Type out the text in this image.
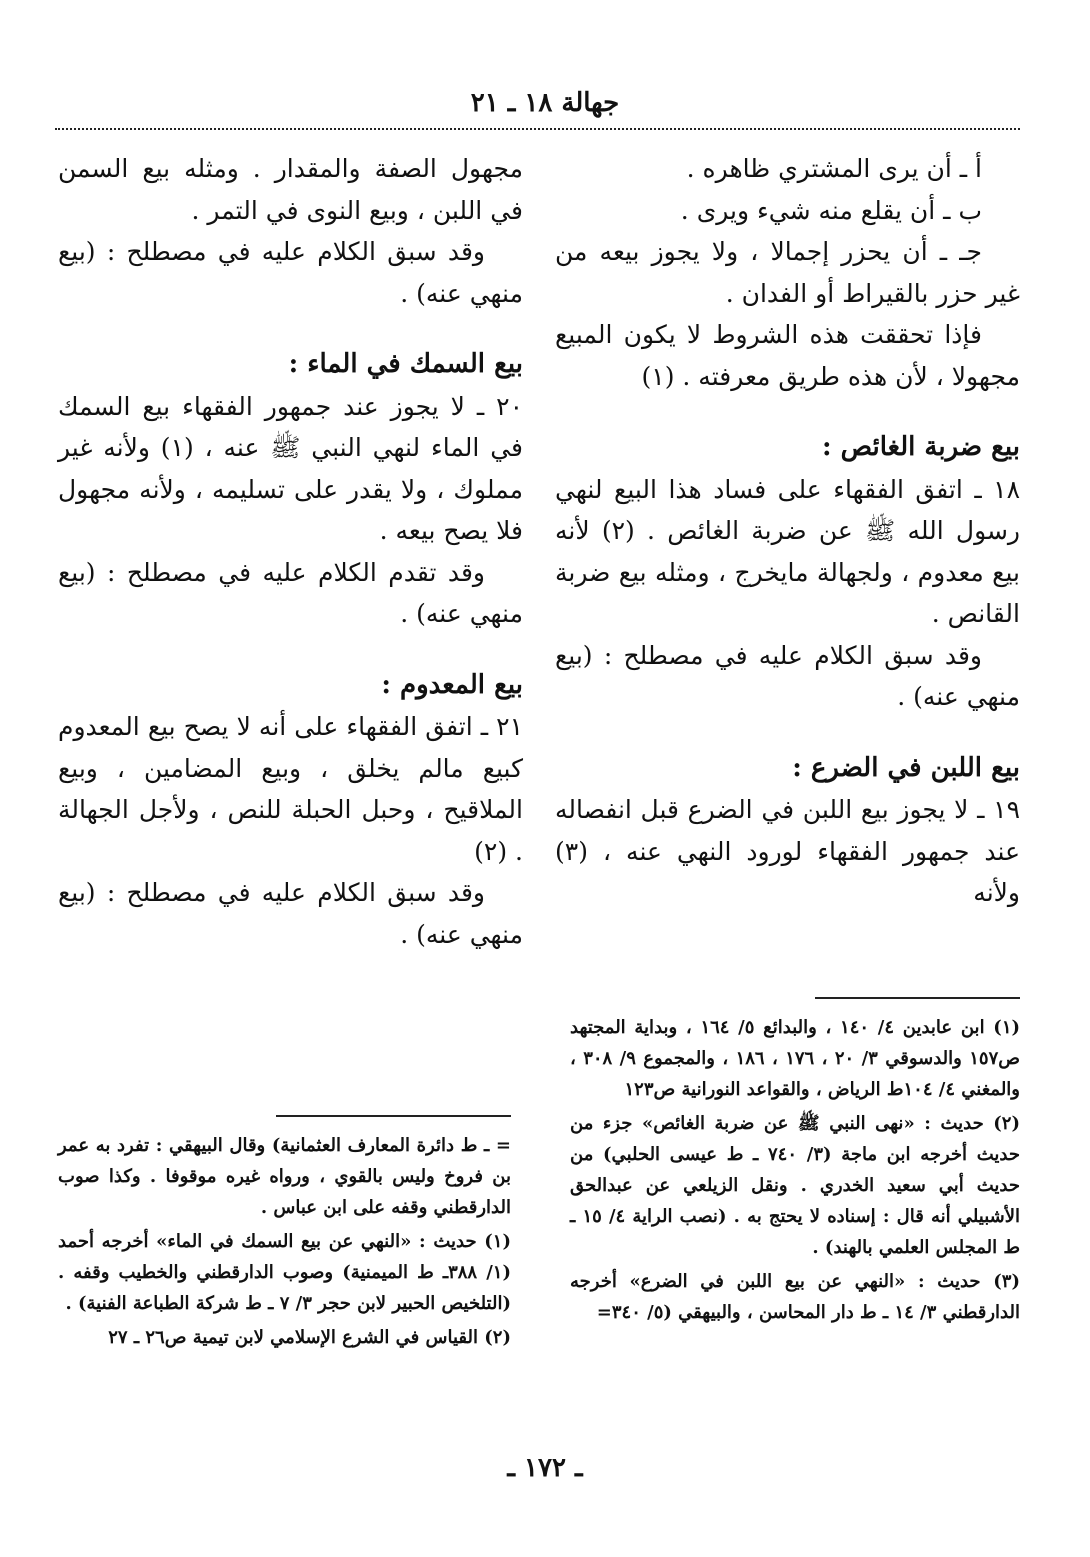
جهالة ١٨ ـ ٢١

أ ـ أن يرى المشتري ظاهره .

ب ـ أن يقلع منه شيء ويرى .

جـ ـ أن يحزر إجمالا ، ولا يجوز بيعه من غير حزر بالقيراط أو الفدان .

فإذا تحققت هذه الشروط لا يكون المبيع مجهولا ، لأن هذه طريق معرفته . (١)

بيع ضربة الغائص :

١٨ ـ اتفق الفقهاء على فساد هذا البيع لنهي رسول الله ﷺ عن ضربة الغائص . (٢) لأنه بيع معدوم ، ولجهالة مايخرج ، ومثله بيع ضربة القانص .

وقد سبق الكلام عليه في مصطلح : (بيع منهي عنه) .

بيع اللبن في الضرع :

١٩ ـ لا يجوز بيع اللبن في الضرع قبل انفصاله عند جمهور الفقهاء لورود النهي عنه ، (٣) ولأنه

مجهول الصفة والمقدار . ومثله بيع السمن في اللبن ، وبيع النوى في التمر .

وقد سبق الكلام عليه في مصطلح : (بيع منهي عنه) .

بيع السمك في الماء :

٢٠ ـ لا يجوز عند جمهور الفقهاء بيع السمك في الماء لنهي النبي ﷺ عنه ، (١) ولأنه غير مملوك ، ولا يقدر على تسليمه ، ولأنه مجهول فلا يصح بيعه .

وقد تقدم الكلام عليه في مصطلح : (بيع منهي عنه) .

بيع المعدوم :

٢١ ـ اتفق الفقهاء على أنه لا يصح بيع المعدوم كبيع مالم يخلق ، وبيع المضامين ، وبيع الملاقيح ، وحبل الحبلة للنص ، ولأجل الجهالة . (٢)

وقد سبق الكلام عليه في مصطلح : (بيع منهي عنه) .

(١) ابن عابدين ٤/ ١٤٠ ، والبدائع ٥/ ١٦٤ ، وبداية المجتهد ص١٥٧ والدسوقي ٣/ ٢٠ ، ١٧٦ ، ١٨٦ ، والمجموع ٩/ ٣٠٨ ، والمغني ٤/ ١٠٤ط الرياض ، والقواعد النورانية ص١٢٣

(٢) حديث : «نهى النبي ﷺ عن ضربة الغائص» جزء من حديث أخرجه ابن ماجة (٣/ ٧٤٠ ـ ط عيسى الحلبي) من حديث أبي سعيد الخدري . ونقل الزيلعي عن عبدالحق الأشبيلي أنه قال : إسناده لا يحتج به . (نصب الراية ٤/ ١٥ ـ ط المجلس العلمي بالهند) .

(٣) حديث : «النهي عن بيع اللبن في الضرع» أخرجه الدارقطني ٣/ ١٤ ـ ط دار المحاسن ، والبيهقي (٥/ ٣٤٠=

= ـ ط دائرة المعارف العثمانية) وقال البيهقي : تفرد به عمر بن فروخ وليس بالقوي ، ورواه غيره موقوفا . وكذا صوب الدارقطني وقفه على ابن عباس .

(١) حديث : «النهي عن بيع السمك في الماء» أخرجه أحمد (١/ ٣٨٨ـ ط الميمنية) وصوب الدارقطني والخطيب وقفه . (التلخيص الحبير لابن حجر ٣/ ٧ ـ ط شركة الطباعة الفنية) .

(٢) القياس في الشرع الإسلامي لابن تيمية ص٢٦ ـ ٢٧

ـ ١٧٢ ـ
